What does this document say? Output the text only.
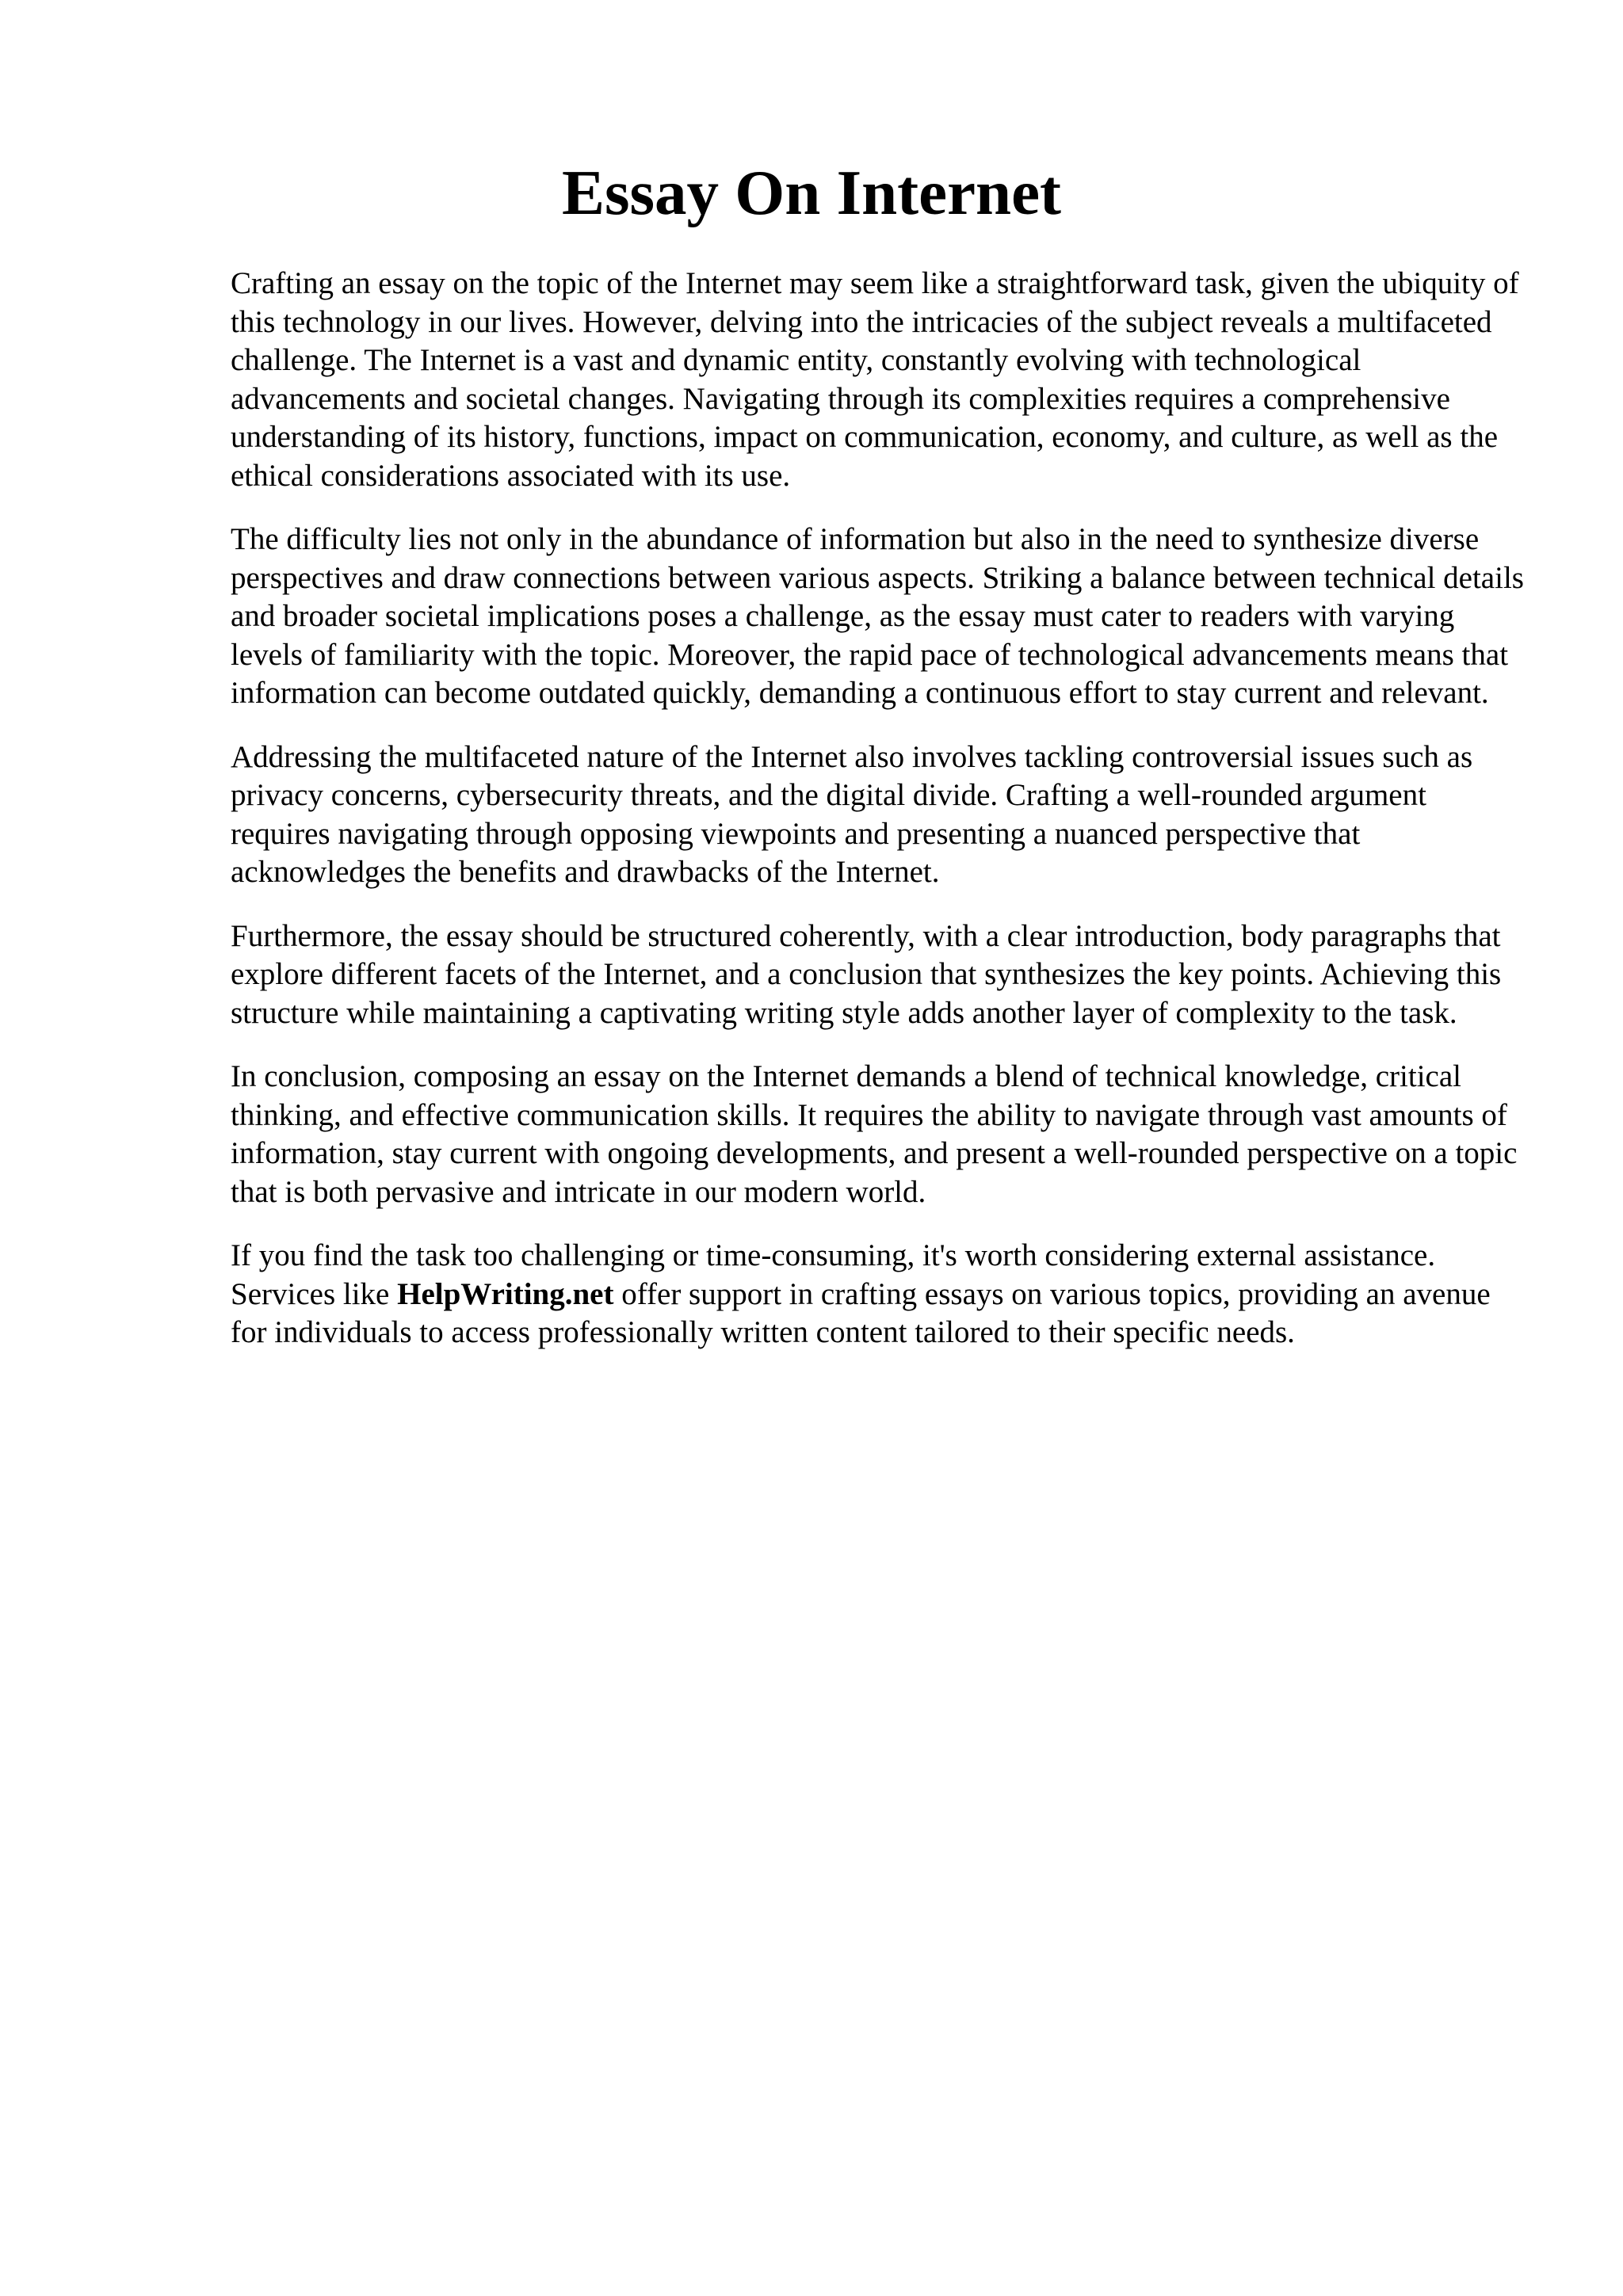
Essay On Internet

Crafting an essay on the topic of the Internet may seem like a straightforward task, given the ubiquity of this technology in our lives. However, delving into the intricacies of the subject reveals a multifaceted challenge. The Internet is a vast and dynamic entity, constantly evolving with technological advancements and societal changes. Navigating through its complexities requires a comprehensive understanding of its history, functions, impact on communication, economy, and culture, as well as the ethical considerations associated with its use.

The difficulty lies not only in the abundance of information but also in the need to synthesize diverse perspectives and draw connections between various aspects. Striking a balance between technical details and broader societal implications poses a challenge, as the essay must cater to readers with varying levels of familiarity with the topic. Moreover, the rapid pace of technological advancements means that information can become outdated quickly, demanding a continuous effort to stay current and relevant.

Addressing the multifaceted nature of the Internet also involves tackling controversial issues such as privacy concerns, cybersecurity threats, and the digital divide. Crafting a well-rounded argument requires navigating through opposing viewpoints and presenting a nuanced perspective that acknowledges the benefits and drawbacks of the Internet.

Furthermore, the essay should be structured coherently, with a clear introduction, body paragraphs that explore different facets of the Internet, and a conclusion that synthesizes the key points. Achieving this structure while maintaining a captivating writing style adds another layer of complexity to the task.

In conclusion, composing an essay on the Internet demands a blend of technical knowledge, critical thinking, and effective communication skills. It requires the ability to navigate through vast amounts of information, stay current with ongoing developments, and present a well-rounded perspective on a topic that is both pervasive and intricate in our modern world.

If you find the task too challenging or time-consuming, it's worth considering external assistance. Services like HelpWriting.net offer support in crafting essays on various topics, providing an avenue for individuals to access professionally written content tailored to their specific needs.
